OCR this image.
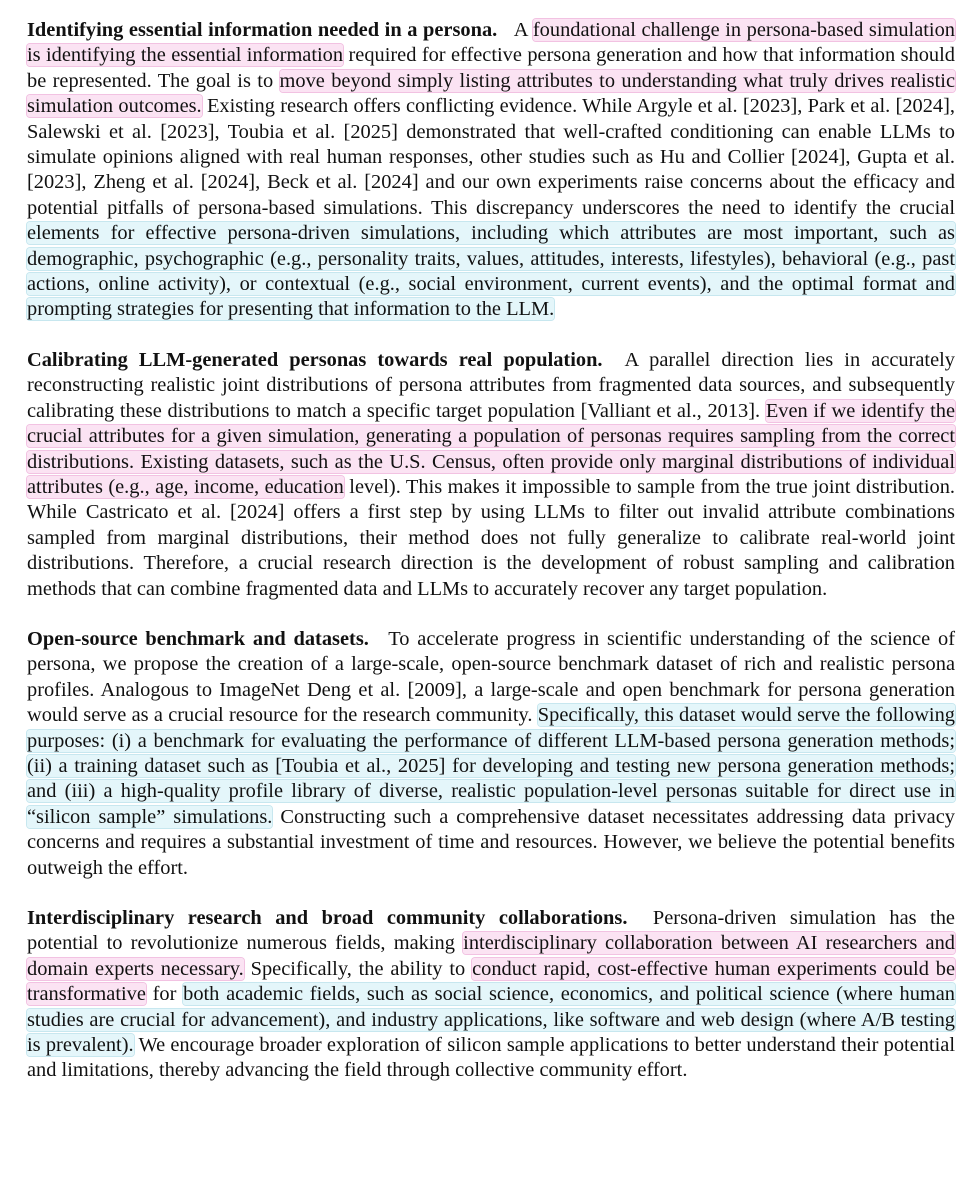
Identifying essential information needed in a persona. A foundational challenge in persona-based simulation is identifying the essential information required for effective persona generation and how that information should be represented. The goal is to move beyond simply listing attributes to understanding what truly drives realistic simulation outcomes. Existing research offers conflicting evidence. While Argyle et al. [2023], Park et al. [2024], Salewski et al. [2023], Toubia et al. [2025] demonstrated that well-crafted conditioning can enable LLMs to simulate opinions aligned with real human responses, other studies such as Hu and Collier [2024], Gupta et al. [2023], Zheng et al. [2024], Beck et al. [2024] and our own experiments raise concerns about the efficacy and potential pitfalls of persona-based simulations. This discrepancy underscores the need to identify the crucial elements for effective persona-driven simulations, including which attributes are most important, such as demographic, psychographic (e.g., personality traits, values, attitudes, interests, lifestyles), behavioral (e.g., past actions, online activity), or contextual (e.g., social environment, current events), and the optimal format and prompting strategies for presenting that information to the LLM.

Calibrating LLM-generated personas towards real population. A parallel direction lies in accurately reconstructing realistic joint distributions of persona attributes from fragmented data sources, and subsequently calibrating these distributions to match a specific target population [Valliant et al., 2013]. Even if we identify the crucial attributes for a given simulation, generating a population of personas requires sampling from the correct distributions. Existing datasets, such as the U.S. Census, often provide only marginal distributions of individual attributes (e.g., age, income, education level). This makes it impossible to sample from the true joint distribution. While Castricato et al. [2024] offers a first step by using LLMs to filter out invalid attribute combinations sampled from marginal distributions, their method does not fully generalize to calibrate real-world joint distributions. Therefore, a crucial research direction is the development of robust sampling and calibration methods that can combine fragmented data and LLMs to accurately recover any target population.

Open-source benchmark and datasets. To accelerate progress in scientific understanding of the science of persona, we propose the creation of a large-scale, open-source benchmark dataset of rich and realistic persona profiles. Analogous to ImageNet Deng et al. [2009], a large-scale and open benchmark for persona generation would serve as a crucial resource for the research community. Specifically, this dataset would serve the following purposes: (i) a benchmark for evaluating the performance of different LLM-based persona generation methods; (ii) a training dataset such as [Toubia et al., 2025] for developing and testing new persona generation methods; and (iii) a high-quality profile library of diverse, realistic population-level personas suitable for direct use in “silicon sample” simulations. Constructing such a comprehensive dataset necessitates addressing data privacy concerns and requires a substantial investment of time and resources. However, we believe the potential benefits outweigh the effort.

Interdisciplinary research and broad community collaborations. Persona-driven simulation has the potential to revolutionize numerous fields, making interdisciplinary collaboration between AI researchers and domain experts necessary. Specifically, the ability to conduct rapid, cost-effective human experiments could be transformative for both academic fields, such as social science, economics, and political science (where human studies are crucial for advancement), and industry applications, like software and web design (where A/B testing is prevalent). We encourage broader exploration of silicon sample applications to better understand their potential and limitations, thereby advancing the field through collective community effort.
